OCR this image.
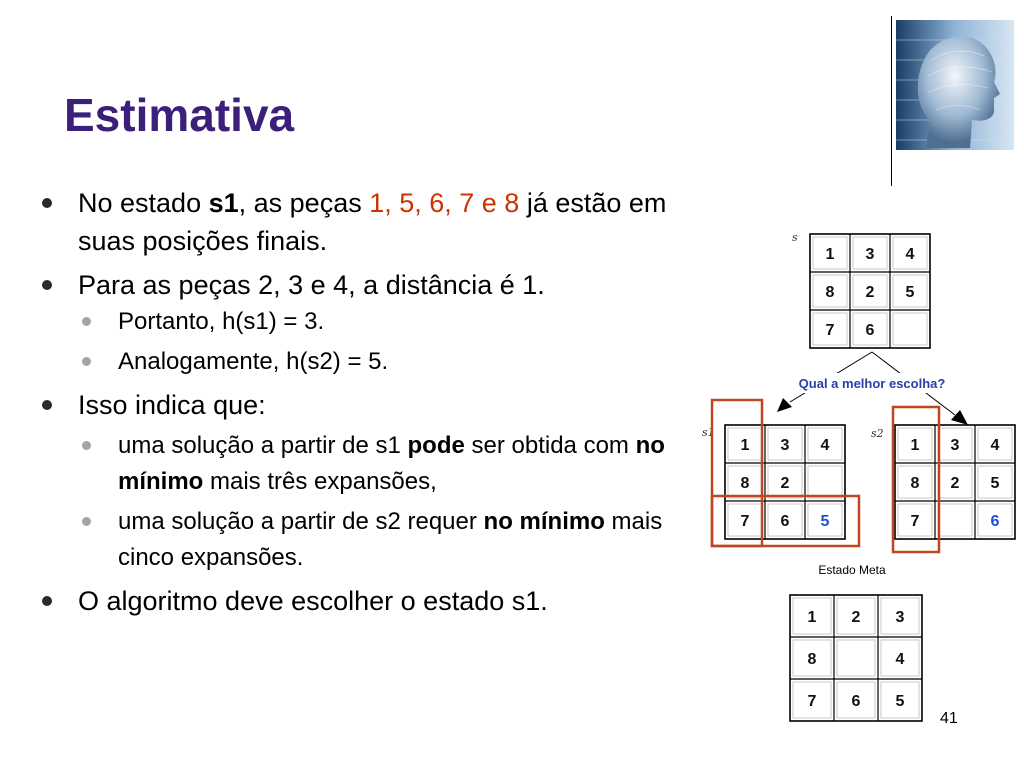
Estimativa
No estado s1, as peças 1, 5, 6, 7 e 8 já estão em suas posições finais.
Para as peças 2, 3 e 4, a distância é 1.
Portanto, h(s1) = 3.
Analogamente, h(s2) = 5.
Isso indica que:
uma solução a partir de s1 pode ser obtida com no mínimo mais três expansões,
uma solução a partir de s2 requer no mínimo mais cinco expansões.
O algoritmo deve escolher o estado s1.
s
1 3 4
8 2 5
7 6
Qual a melhor escolha?
s1	s2
1 3 4
8 2
7 6 5
1 3 4
8 2 5
7	6
Estado Meta
1 2 3
8	4
7 6 5
41
